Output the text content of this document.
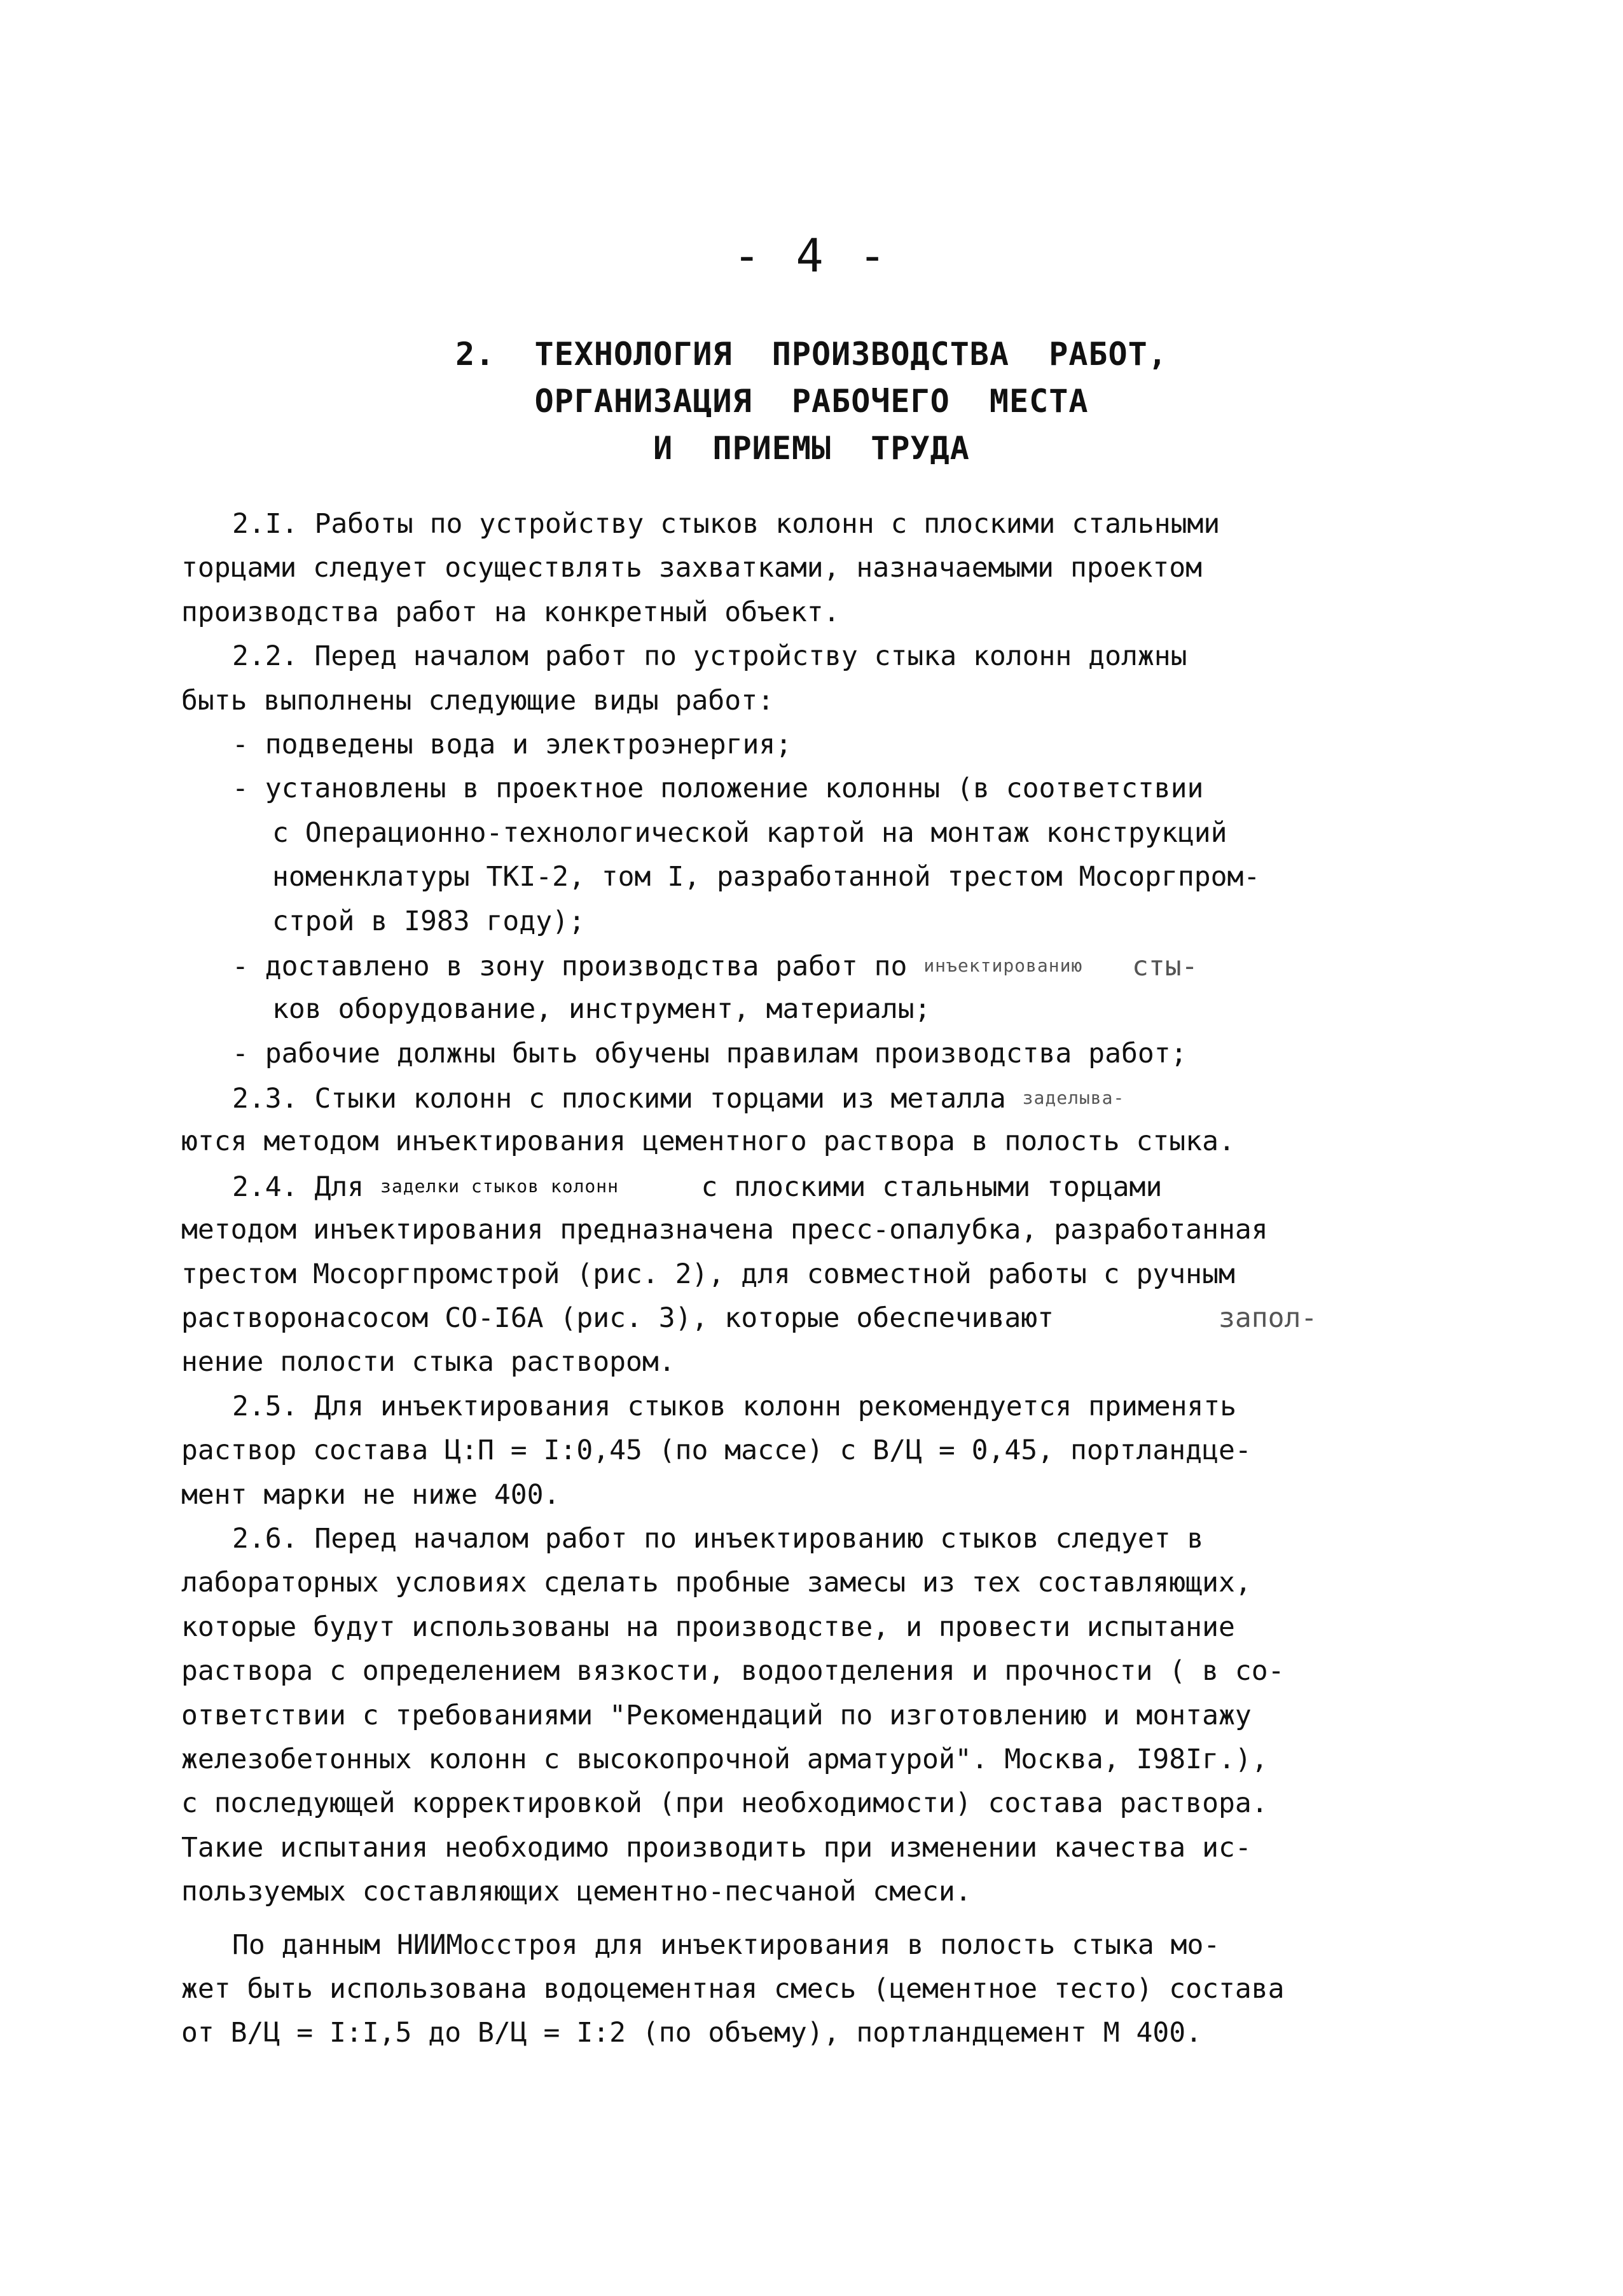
- 4 -
2.  ТЕХНОЛОГИЯ  ПРОИЗВОДСТВА  РАБОТ,
ОРГАНИЗАЦИЯ  РАБОЧЕГО  МЕСТА
И  ПРИЕМЫ  ТРУДА
2.I. Работы по устройству стыков колонн с плоскими стальными
торцами следует осуществлять захватками, назначаемыми проектом
производства работ на конкретный объект.
2.2. Перед началом работ по устройству стыка колонн должны
быть выполнены следующие виды работ:
- подведены вода и электроэнергия;
- установлены в проектное положение колонны (в соответствии
с Операционно-технологической картой на монтаж конструкций
номенклатуры ТКI-2, том I, разработанной трестом Мосоргпром-
строй в I983 году);
- доставлено в зону производства работ по инъектированию сты-
ков оборудование, инструмент, материалы;
- рабочие должны быть обучены правилам производства работ;
2.3. Стыки колонн с плоскими торцами из металла заделыва-
ются методом инъектирования цементного раствора в полость стыка.
2.4. Для заделки стыков колонн	с плоскими стальными торцами
методом инъектирования предназначена пресс-опалубка, разработанная
трестом Мосоргпромстрой (рис. 2), для совместной работы с ручным
растворонасосом СО-I6А (рис. 3), которые обеспечивают	запол-
нение полости стыка раствором.
2.5. Для инъектирования стыков колонн рекомендуется применять
раствор состава Ц:П = I:0,45 (по массе) с В/Ц = 0,45, портландце-
мент марки не ниже 400.
2.6. Перед началом работ по инъектированию стыков следует в
лабораторных условиях сделать пробные замесы из тех составляющих,
которые будут использованы на производстве, и провести испытание
раствора с определением вязкости, водоотделения и прочности ( в со-
ответствии с требованиями "Рекомендаций по изготовлению и монтажу
железобетонных колонн с высокопрочной арматурой". Москва, I98Iг.),
с последующей корректировкой (при необходимости) состава раствора.
Такие испытания необходимо производить при изменении качества ис-
пользуемых составляющих цементно-песчаной смеси.
По данным НИИМосстроя для инъектирования в полость стыка мо-
жет быть использована водоцементная смесь (цементное тесто) состава
от В/Ц = I:I,5 до В/Ц = I:2 (по объему), портландцемент М 400.
